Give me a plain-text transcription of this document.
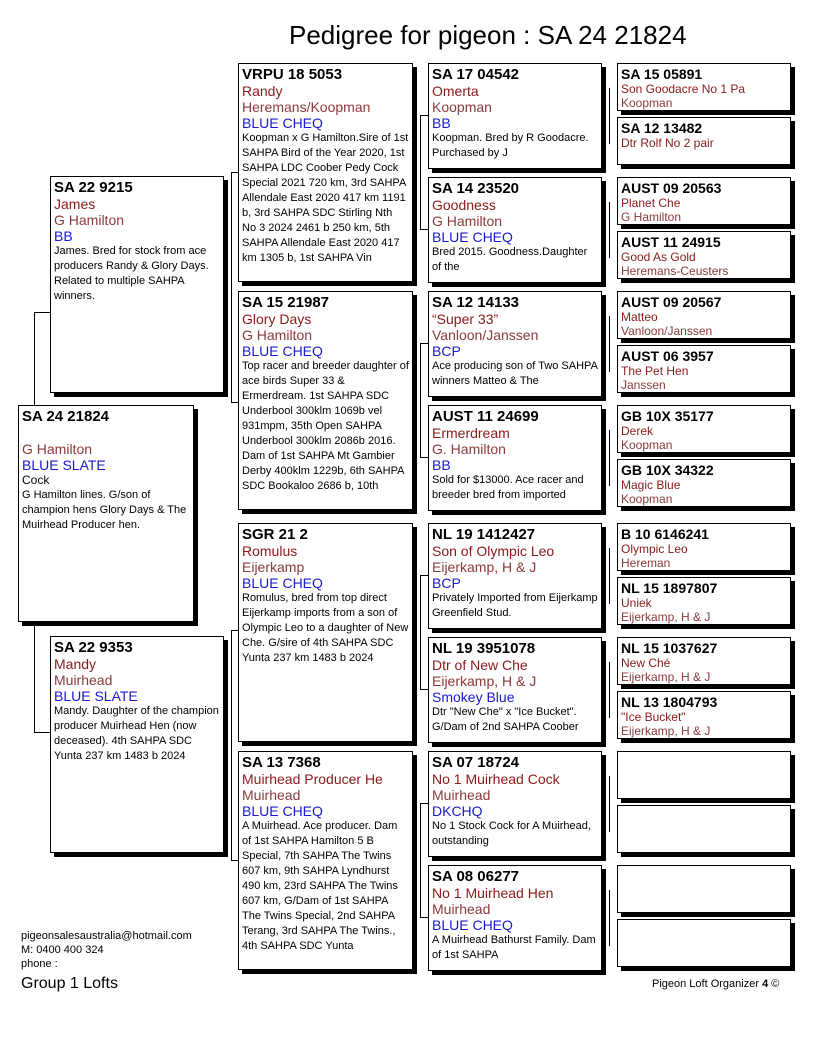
Pedigree for pigeon : SA 24 21824
SA 24 21824
G Hamilton
BLUE SLATE
Cock
G Hamilton lines. G/son of champion hens Glory Days & The Muirhead Producer hen.
SA 22 9215
James
G Hamilton
BB
James. Bred for stock from ace producers Randy & Glory Days. Related to multiple SAHPA winners.
SA 22 9353
Mandy
Muirhead
BLUE SLATE
Mandy. Daughter of the champion producer Muirhead Hen (now deceased). 4th SAHPA SDC Yunta 237 km 1483 b 2024
VRPU 18 5053
Randy
Heremans/Koopman
BLUE CHEQ
Koopman x G Hamilton.Sire of 1st SAHPA Bird of the Year 2020, 1st SAHPA LDC Coober Pedy Cock Special 2021 720 km, 3rd SAHPA Allendale East 2020 417 km 1191 b, 3rd SAHPA SDC Stirling Nth No 3 2024 2461 b 250 km, 5th SAHPA Allendale East 2020 417 km 1305 b, 1st SAHPA Vin
SA 15 21987
Glory Days
G Hamilton
BLUE CHEQ
Top racer and breeder daughter of ace birds Super 33 & Ermerdream. 1st SAHPA SDC Underbool 300klm 1069b vel 931mpm, 35th Open SAHPA Underbool 300klm 2086b 2016. Dam of 1st SAHPA Mt Gambier Derby 400klm 1229b, 6th SAHPA SDC Bookaloo 2686 b, 10th
SGR 21 2
Romulus
Eijerkamp
BLUE CHEQ
Romulus, bred from top direct Eijerkamp imports from a son of Olympic Leo to a daughter of New Che. G/sire of 4th SAHPA SDC Yunta 237 km 1483 b 2024
SA 13 7368
Muirhead Producer He
Muirhead
BLUE CHEQ
A Muirhead. Ace producer. Dam of 1st SAHPA Hamilton 5 B Special, 7th SAHPA The Twins 607 km, 9th SAHPA Lyndhurst 490 km, 23rd SAHPA The Twins 607 km, G/Dam of 1st SAHPA The Twins Special, 2nd SAHPA Terang, 3rd SAHPA The Twins., 4th SAHPA SDC Yunta
SA 17 04542
Omerta
Koopman
BB
Koopman. Bred by R Goodacre. Purchased by J
SA 14 23520
Goodness
G Hamilton
BLUE CHEQ
Bred 2015. Goodness.Daughter of the
SA 12 14133
“Super 33”
Vanloon/Janssen
BCP
Ace producing son of Two SAHPA winners Matteo & The
AUST 11 24699
Ermerdream
G. Hamilton
BB
Sold for $13000. Ace racer and breeder bred from imported
NL 19 1412427
Son of Olympic Leo
Eijerkamp, H & J
BCP
Privately Imported from Eijerkamp Greenfield Stud.
NL 19 3951078
Dtr of New Che
Eijerkamp, H & J
Smokey Blue
Dtr "New Che" x "Ice Bucket". G/Dam of 2nd SAHPA Coober
SA 07 18724
No 1 Muirhead Cock
Muirhead
DKCHQ
No 1 Stock Cock for A Muirhead, outstanding
SA 08 06277
No 1 Muirhead Hen
Muirhead
BLUE CHEQ
A Muirhead Bathurst Family. Dam of 1st SAHPA
SA 15 05891
Son Goodacre No 1 Pa
Koopman
SA 12 13482
Dtr Rolf No 2 pair
AUST 09 20563
Planet Che
G Hamilton
AUST 11 24915
Good As Gold
Heremans-Ceusters
AUST 09 20567
Matteo
Vanloon/Janssen
AUST 06 3957
The Pet Hen
Janssen
GB 10X 35177
Derek
Koopman
GB 10X 34322
Magic Blue
Koopman
B 10 6146241
Olympic Leo
Hereman
NL 15 1897807
Uniek
Eijerkamp, H & J
NL 15 1037627
New Ché
Eijerkamp, H & J
NL 13 1804793
"Ice Bucket"
Eijerkamp, H & J
pigeonsalesaustralia@hotmail.com
M: 0400 400 324
phone :
Group 1 Lofts	Pigeon Loft Organizer 4 ©
